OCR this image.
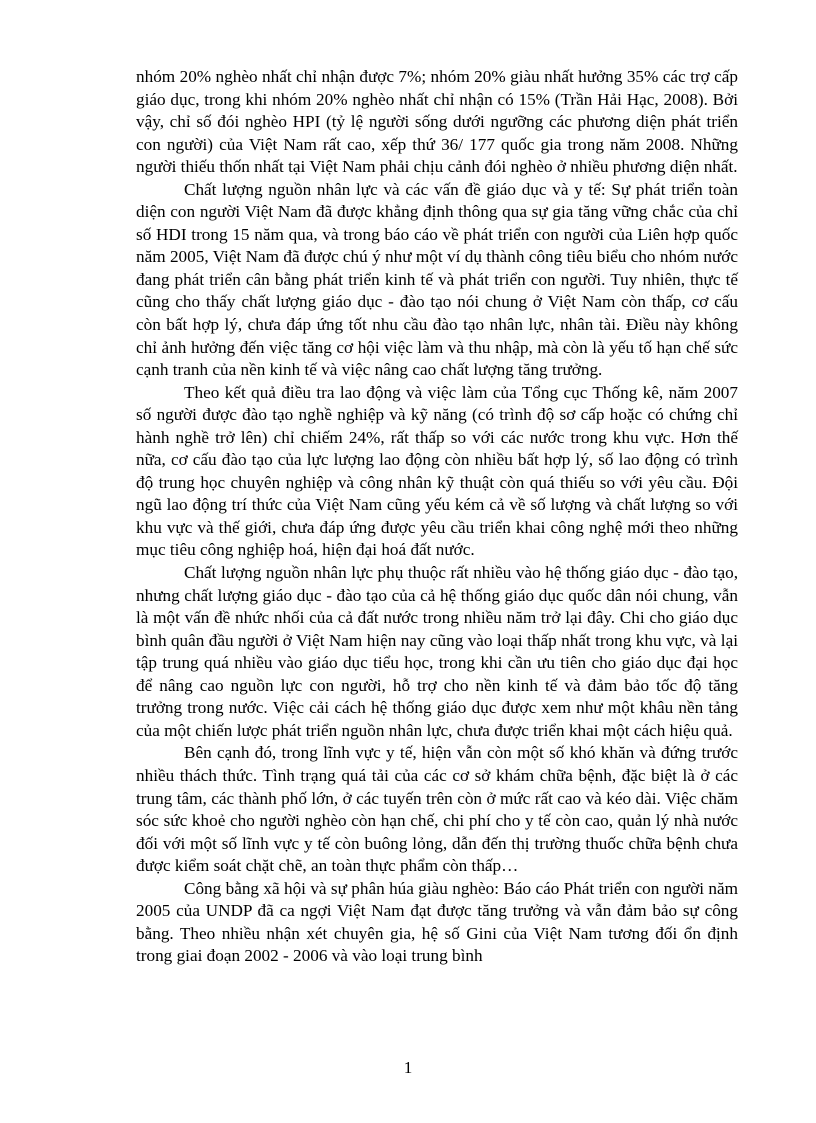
nhóm 20% nghèo nhất chỉ nhận được 7%; nhóm 20% giàu nhất hưởng 35% các trợ cấp giáo dục, trong khi nhóm 20% nghèo nhất chỉ nhận có 15% (Trần Hải Hạc, 2008). Bởi vậy, chỉ số đói nghèo HPI (tỷ lệ người sống dưới ngưỡng các phương diện phát triển con người) của Việt Nam rất cao, xếp thứ 36/ 177 quốc gia trong năm 2008. Những người thiếu thốn nhất tại Việt Nam phải chịu cảnh đói nghèo ở nhiều phương diện nhất.

Chất lượng nguồn nhân lực và các vấn đề giáo dục và y tế: Sự phát triển toàn diện con người Việt Nam đã được khẳng định thông qua sự gia tăng vững chắc của chỉ số HDI trong 15 năm qua, và trong báo cáo về phát triển con người của Liên hợp quốc năm 2005, Việt Nam đã được chú ý như một ví dụ thành công tiêu biểu cho nhóm nước đang phát triển cân bằng phát triển kinh tế và phát triển con người. Tuy nhiên, thực tế cũng cho thấy chất lượng giáo dục - đào tạo nói chung ở Việt Nam còn thấp, cơ cấu còn bất hợp lý, chưa đáp ứng tốt nhu cầu đào tạo nhân lực, nhân tài. Điều này không chỉ ảnh hưởng đến việc tăng cơ hội việc làm và thu nhập, mà còn là yếu tố hạn chế sức cạnh tranh của nền kinh tế và việc nâng cao chất lượng tăng trưởng.

Theo kết quả điều tra lao động và việc làm của Tổng cục Thống kê, năm 2007 số người được đào tạo nghề nghiệp và kỹ năng (có trình độ sơ cấp hoặc có chứng chỉ hành nghề trở lên) chỉ chiếm 24%, rất thấp so với các nước trong khu vực. Hơn thế nữa, cơ cấu đào tạo của lực lượng lao động còn nhiều bất hợp lý, số lao động có trình độ trung học chuyên nghiệp và công nhân kỹ thuật còn quá thiếu so với yêu cầu. Đội ngũ lao động trí thức của Việt Nam cũng yếu kém cả về số lượng và chất lượng so với khu vực và thế giới, chưa đáp ứng được yêu cầu triển khai công nghệ mới theo những mục tiêu công nghiệp hoá, hiện đại hoá đất nước.

Chất lượng nguồn nhân lực phụ thuộc rất nhiều vào hệ thống giáo dục - đào tạo, nhưng chất lượng giáo dục - đào tạo của cả hệ thống giáo dục quốc dân nói chung, vẫn là một vấn đề nhức nhối của cả đất nước trong nhiều năm trở lại đây. Chi cho giáo dục bình quân đầu người ở Việt Nam hiện nay cũng vào loại thấp nhất trong khu vực, và lại tập trung quá nhiều vào giáo dục tiểu học, trong khi cần ưu tiên cho giáo dục đại học để nâng cao nguồn lực con người, hỗ trợ cho nền kinh tế và đảm bảo tốc độ tăng trưởng trong nước. Việc cải cách hệ thống giáo dục được xem như một khâu nền tảng của một chiến lược phát triển nguồn nhân lực, chưa được triển khai một cách hiệu quả.

Bên cạnh đó, trong lĩnh vực y tế, hiện vẫn còn một số khó khăn và đứng trước nhiều thách thức. Tình trạng quá tải của các cơ sở khám chữa bệnh, đặc biệt là ở các trung tâm, các thành phố lớn, ở các tuyến trên còn ở mức rất cao và kéo dài. Việc chăm sóc sức khoẻ cho người nghèo còn hạn chế, chi phí cho y tế còn cao, quản lý nhà nước đối với một số lĩnh vực y tế còn buông lỏng, dẫn đến thị trường thuốc chữa bệnh chưa được kiểm soát chặt chẽ, an toàn thực phẩm còn thấp…

Công bằng xã hội và sự phân húa giàu nghèo: Báo cáo Phát triển con người năm 2005 của UNDP đã ca ngợi Việt Nam đạt được tăng trưởng và vẫn đảm bảo sự công bằng. Theo nhiều nhận xét chuyên gia, hệ số Gini của Việt Nam tương đối ổn định trong giai đoạn 2002 - 2006 và vào loại trung bình

1
